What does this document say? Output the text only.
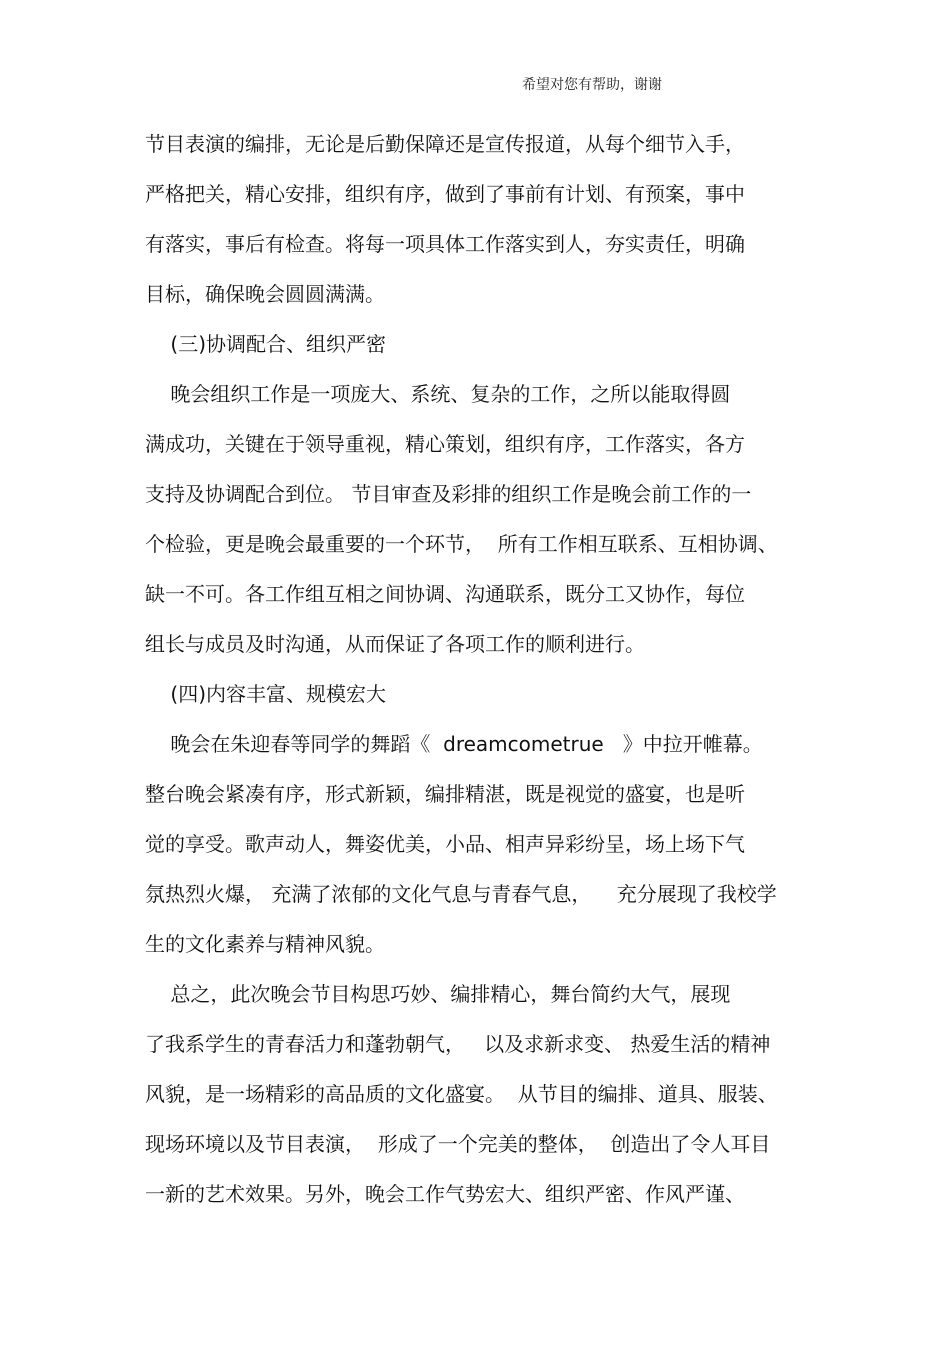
希望对您有帮助，谢谢
节目表演的编排，无论是后勤保障还是宣传报道，从每个细节入手，
严格把关，精心安排，组织有序，做到了事前有计划、有预案，事中
有落实，事后有检查。将每一项具体工作落实到人，夯实责任，明确
目标，确保晚会圆圆满满。
(三)协调配合、组织严密
晚会组织工作是一项庞大、系统、复杂的工作，之所以能取得圆
满成功，关键在于领导重视，精心策划，组织有序，工作落实，各方
支持及协调配合到位。 节目审查及彩排的组织工作是晚会前工作的一
个检验，更是晚会最重要的一个环节，  所有工作相互联系、互相协调、
缺一不可。各工作组互相之间协调、沟通联系，既分工又协作，每位
组长与成员及时沟通，从而保证了各项工作的顺利进行。
(四)内容丰富、规模宏大
晚会在朱迎春等同学的舞蹈《  dreamcometrue   》中拉开帷幕。
整台晚会紧凑有序，形式新颖，编排精湛，既是视觉的盛宴，也是听
觉的享受。歌声动人，舞姿优美，小品、相声异彩纷呈，场上场下气
氛热烈火爆， 充满了浓郁的文化气息与青春气息，    充分展现了我校学
生的文化素养与精神风貌。
总之，此次晚会节目构思巧妙、编排精心，舞台简约大气，展现
了我系学生的青春活力和蓬勃朝气，   以及求新求变、 热爱生活的精神
风貌，是一场精彩的高品质的文化盛宴。  从节目的编排、道具、服装、
现场环境以及节目表演，  形成了一个完美的整体，  创造出了令人耳目
一新的艺术效果。另外，晚会工作气势宏大、组织严密、作风严谨、
